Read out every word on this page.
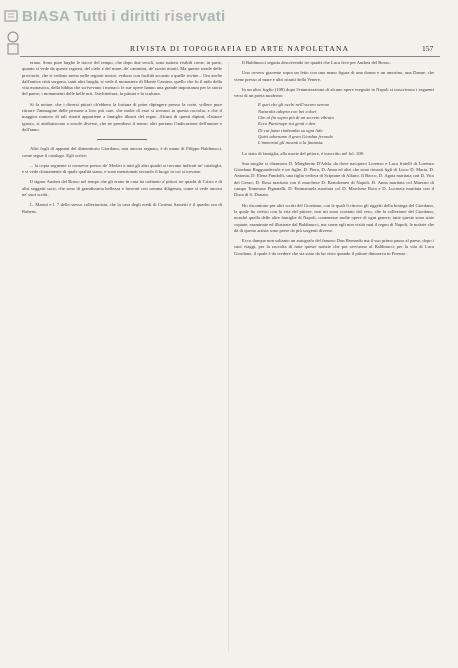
BIASA Tutti i diritti riservati
RIVISTA DI TOPOGRAFIA ED ARTE NAPOLETANA	157

erano. Sono pure larghe le tracce del tempo, che dopo due secoli, sono tuttora visibili come, in parte, quanto si vede da queste ragioni, del cielo e del mare, de' cammini, de' nostri monti. Ma queste strade delle provincie, che si vedono meno nelle regioni nostre, vedono con facilità accanto a quelle rovine... Ora anche dall'antica città sorgono, tanti altri luoghi, si vede il monastero di Monte Cassino, quello che fu il nido della vita monastica, della bibbia che scrivevano i monaci: le sue opere hanno una grande importanza per la storia del paese; i monumenti delle belle arti, l'architettura, la pittura e la scultura.

Si fa notare, che i diversi pittori ch'ebbero la fortuna di poter dipingere presso la corte, vollero pure ritrarre l'immagine delle persone a loro più care, che molte di esse si trovano in questa raccolta, e che il maggior numero di tali ritratti appartiene a famiglie illustri del regno. Alcuni di questi dipinti, d'autore ignoto, si attribuiscono a scuole diverse, che ne prendono il nome; altri portano l'indicazione dell'autore e dell'anno.

Altri fogli di appunti del dimenticato Giordano, non ancora segnato, è di mano di Filippo Baldinucci, come segue il catalogo. Egli scrive:

... la copia seguente si conserva presso de' Medici e tutti gli altri quadri si trovano indicati ne' cataloghi, e si vede chiaramente di quale qualità siano, e sono menzionati secondo il luogo in cui si trovano.

Il signor Andrea del Rosso nel tempo che gli erano in casa ha ordinato a' pittori tre quadri di Cristo e di altri soggetti sacri, che sono di grandissima bellezza e lavorati con somma diligenza, come si vede ancora ne' suoi scritti.

L. Marmi e l. 7 dello stesso collezionista, che la casa degli eredi di Cosimo Sassetti è il quadro ora di Rubens.

Il Baldinucci seguita descrivendo tre quadri che Luca fece per Andrea del Rosso:

Uno ovvero giacente sopra un letto con una mano figura di una donna e un amorino, una Danae, che viene presso al mare e altri ritratti della Venere.

In un altro foglio (108) dopo l'enumerazione di alcune opere eseguite in Napoli si trascrivono i seguenti versi di un poeta moderno:

E quei che gli occhi nell'oscuro sereno

Naturalis adopra con bei colori

Che al fin sopra più di un secreto vibrato

Ecco Partenope tra genti e dea

Di cui fama rimbomba su ogni lido

Quivi adornano il gran Giordan fecondo

L'immortal gli incanti a la fantasia.

Lo stato di famiglia, alla morte del pittore, è trascritto nel fol. 108:

Sua moglie si chiamava D. Margherita D'Adda, da dove nacquero Lorenzo e Luca fratelli di Lorenzo Giordano Ragguardevole e tre figlie, D. Piera, D. Anna ed altri che sono rimasti figli di Luca: D. Maria, D. Antonia, D. Elena Pandolfi, una figlia vedova di Scipione di Alfano. Il Bacco, D. Agata maritata con D. Vito del Gesso; D. Rosa maritata con il marchese D. Bartolomeo di Napoli. D. Anna maritata col Maestro di campo Tommaso Pignatelli, D. Emmanuela maritata col D. Marchese Rota e D. Lucrezia maritata con il Duca di S. Donato.

Ho riscontrato per altri scritti del Giordano, con le quali li ritrovo gli oggetti della bottega del Giordano, la quale ho rivisto con la vita del pittore, non mi sono scostato dal vero, che la collezione del Giordano, nonché quella delle altre famiglie di Napoli, contenesse molte opere di ogni genere; tutte queste sono state copiate, esaminate ed illustrate dal Baldinucci, ma come egli non visitò mai il regno di Napoli, le notizie che dà di questo artista sono prese da più sorgenti diverse.

Ecco dunque non soltanto un autografo del famoso Don Bernardo ma il suo primo passo al paese, dopo i suoi viaggi, per la raccolta di tutte queste notizie che poi servirono al Baldinucci per la vita di Luca Giordano, il quale è da credere che sia stato da lui visto quando il pittore dimorava in Firenze.
